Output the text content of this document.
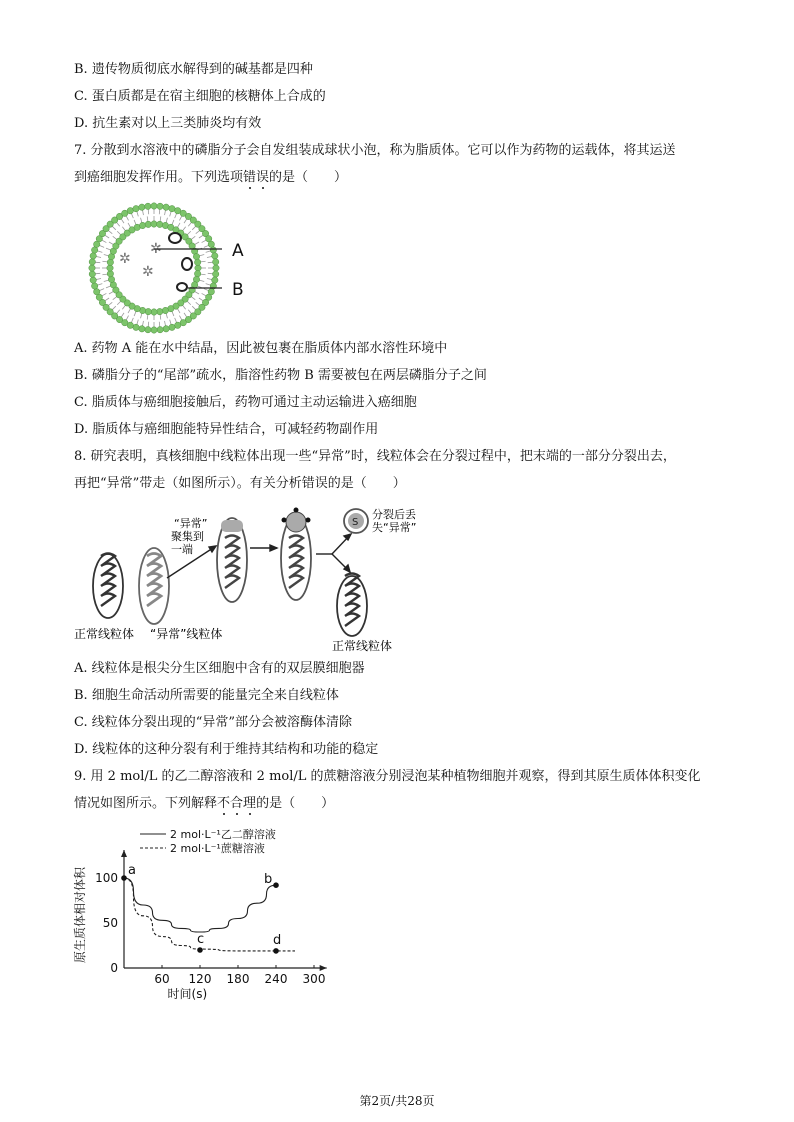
B. 遗传物质彻底水解得到的碱基都是四种
C. 蛋白质都是在宿主细胞的核糖体上合成的
D. 抗生素对以上三类肺炎均有效
7. 分散到水溶液中的磷脂分子会自发组装成球状小泡，称为脂质体。它可以作为药物的运载体，将其运送
到癌细胞发挥作用。下列选项错误的是（　　）
✲
✲
✲
A
B
A. 药物 A 能在水中结晶，因此被包裹在脂质体内部水溶性环境中
B. 磷脂分子的“尾部”疏水，脂溶性药物 B 需要被包在两层磷脂分子之间
C. 脂质体与癌细胞接触后，药物可通过主动运输进入癌细胞
D. 脂质体与癌细胞能特异性结合，可减轻药物副作用
8. 研究表明，真核细胞中线粒体出现一些“异常”时，线粒体会在分裂过程中，把末端的一部分分裂出去，
再把“异常”带走（如图所示）。有关分析错误的是（　　）
S
“异常”
聚集到
一端
分裂后丢
失“异常”
正常线粒体 “异常”线粒体
正常线粒体
A. 线粒体是根尖分生区细胞中含有的双层膜细胞器
B. 细胞生命活动所需要的能量完全来自线粒体
C. 线粒体分裂出现的“异常”部分会被溶酶体清除
D. 线粒体的这种分裂有利于维持其结构和功能的稳定
9. 用 2 mol/L 的乙二醇溶液和 2 mol/L 的蔗糖溶液分别浸泡某种植物细胞并观察，得到其原生质体体积变化
情况如图所示。下列解释不合理的是（　　）
2 mol·L⁻¹乙二醇溶液
2 mol·L⁻¹蔗糖溶液
60 120 180 240 300
0
50
100
时间(s)
原生质体相对体积	a
b
c	d
第2页/共28页
